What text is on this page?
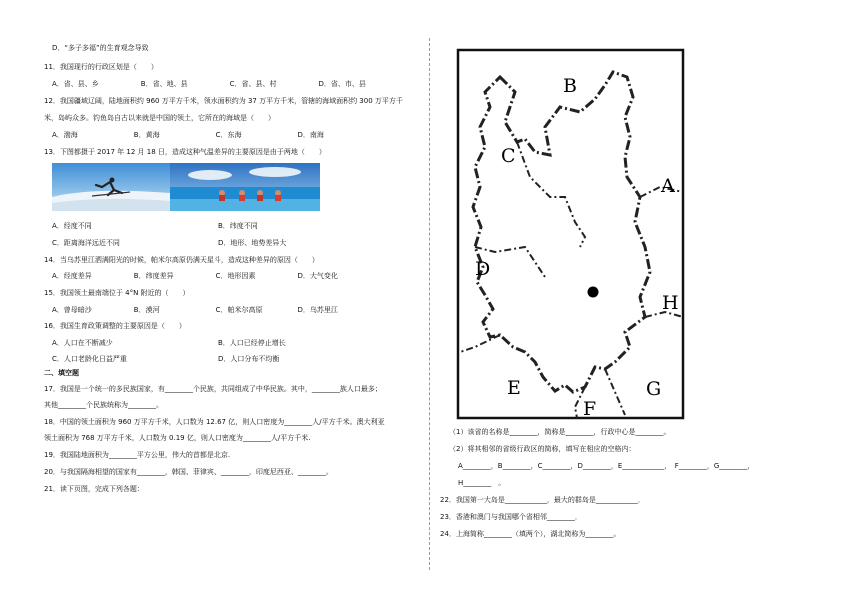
D．“多子多福”的生育观念导致
11．我国现行的行政区划是（　　）
A．省、县、乡　　　　　　B．省、地、县　　　　　　C．省、县、村　　　　　　D．省、市、县
12．我国疆域辽阔，陆地面积约 960 万平方千米，领水面积约为 37 万平方千米，管辖的海域面积约 300 万平方千
米，岛屿众多。钓鱼岛自古以来就是中国的领土，它所在的海域是（　　）
A．渤海　　　　　　　　B．黄海　　　　　　　　C．东海　　　　　　　　D．南海
13．下图都摄于 2017 年 12 月 18 日，造成这种气温差异的主要原因是由于两地（　　）
A．经度不同	B．纬度不同
C．距离海洋远近不同	D．地形、地势差异大
14．当乌苏里江洒满阳光的时候，帕米尔高原仍满天星斗，造成这种差异的原因（　　）
A．经度差异　　　　　　B．纬度差异　　　　　　C．地形因素　　　　　　D．大气变化
15．我国领土最南端位于 4°N 附近的（　　）
A．曾母暗沙　　　　　　B．漠河　　　　　　　　C．帕米尔高原　　　　　D．乌苏里江
16．我国生育政策调整的主要原因是（　　）
A．人口在不断减少	B．人口已经停止增长
C．人口老龄化日益严重	D．人口分布不均衡
二、填空题
17．我国是一个统一的多民族国家，有________个民族，共同组成了中华民族。其中，________族人口最多；
其他________个民族统称为________。
18．中国的领土面积为 960 万平方千米，人口数为 12.67 亿，则人口密度为________人/平方千米。澳大利亚
领土面积为 768 万平方千米，人口数为 0.19 亿，则人口密度为________人/平方千米.
19．我国陆地面积为________平方公里，伟大的首都是北京.
20．与我国隔海相望的国家有________，韩国、菲律宾、________，印度尼西亚、________。
21．读下页图，完成下列各题：
A
B
C
D
E
F
G
H
（1）该省的名称是________，简称是________，行政中心是________。
（2）将其相邻的省级行政区的简称，填写在相应的空格内：
A________，B________，C________，D________，E____________，　F________，G________，
H________　。
22．我国第一大岛是____________，最大的群岛是____________．
23．香港和澳门与我国哪个省相邻________．
24．上海简称________（填两个），湖北简称为________。
